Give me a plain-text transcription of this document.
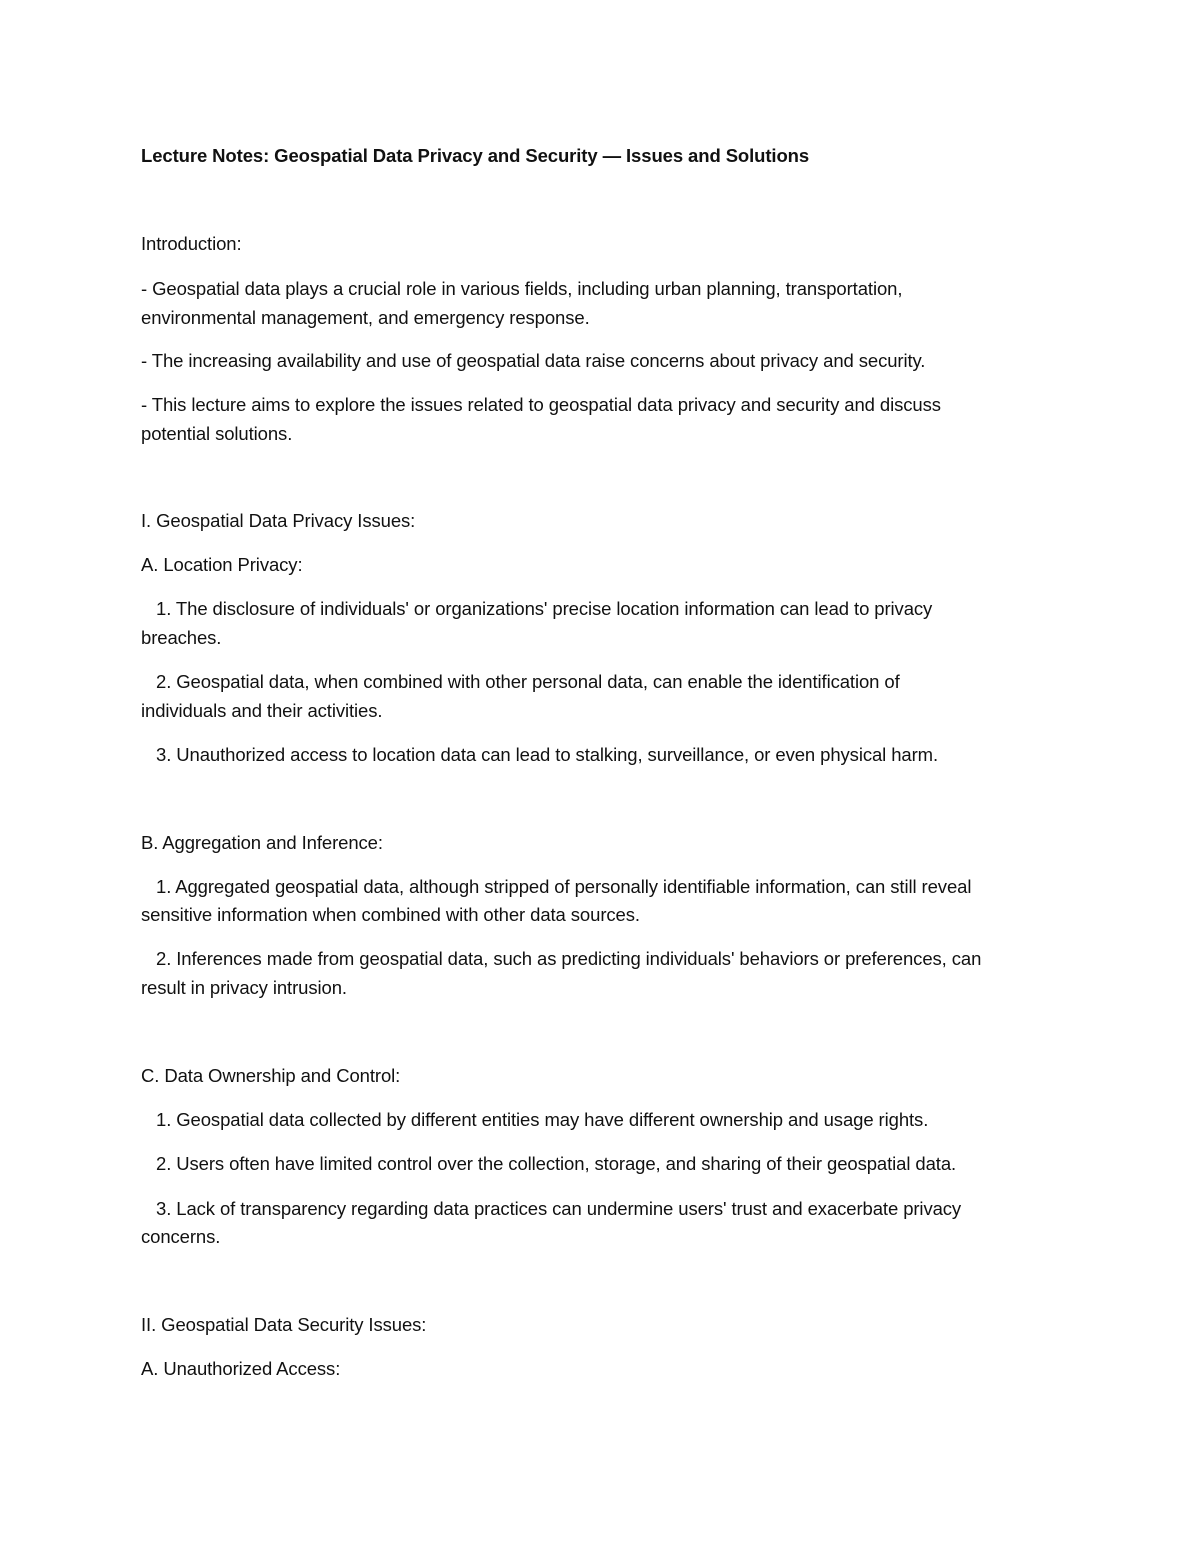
Lecture Notes: Geospatial Data Privacy and Security — Issues and Solutions
Introduction:
- Geospatial data plays a crucial role in various fields, including urban planning, transportation,
environmental management, and emergency response.
- The increasing availability and use of geospatial data raise concerns about privacy and security.
- This lecture aims to explore the issues related to geospatial data privacy and security and discuss
potential solutions.
I. Geospatial Data Privacy Issues:
A. Location Privacy:
1. The disclosure of individuals' or organizations' precise location information can lead to privacy
breaches.
2. Geospatial data, when combined with other personal data, can enable the identification of
individuals and their activities.
3. Unauthorized access to location data can lead to stalking, surveillance, or even physical harm.
B. Aggregation and Inference:
1. Aggregated geospatial data, although stripped of personally identifiable information, can still reveal
sensitive information when combined with other data sources.
2. Inferences made from geospatial data, such as predicting individuals' behaviors or preferences, can
result in privacy intrusion.
C. Data Ownership and Control:
1. Geospatial data collected by different entities may have different ownership and usage rights.
2. Users often have limited control over the collection, storage, and sharing of their geospatial data.
3. Lack of transparency regarding data practices can undermine users' trust and exacerbate privacy
concerns.
II. Geospatial Data Security Issues:
A. Unauthorized Access:
